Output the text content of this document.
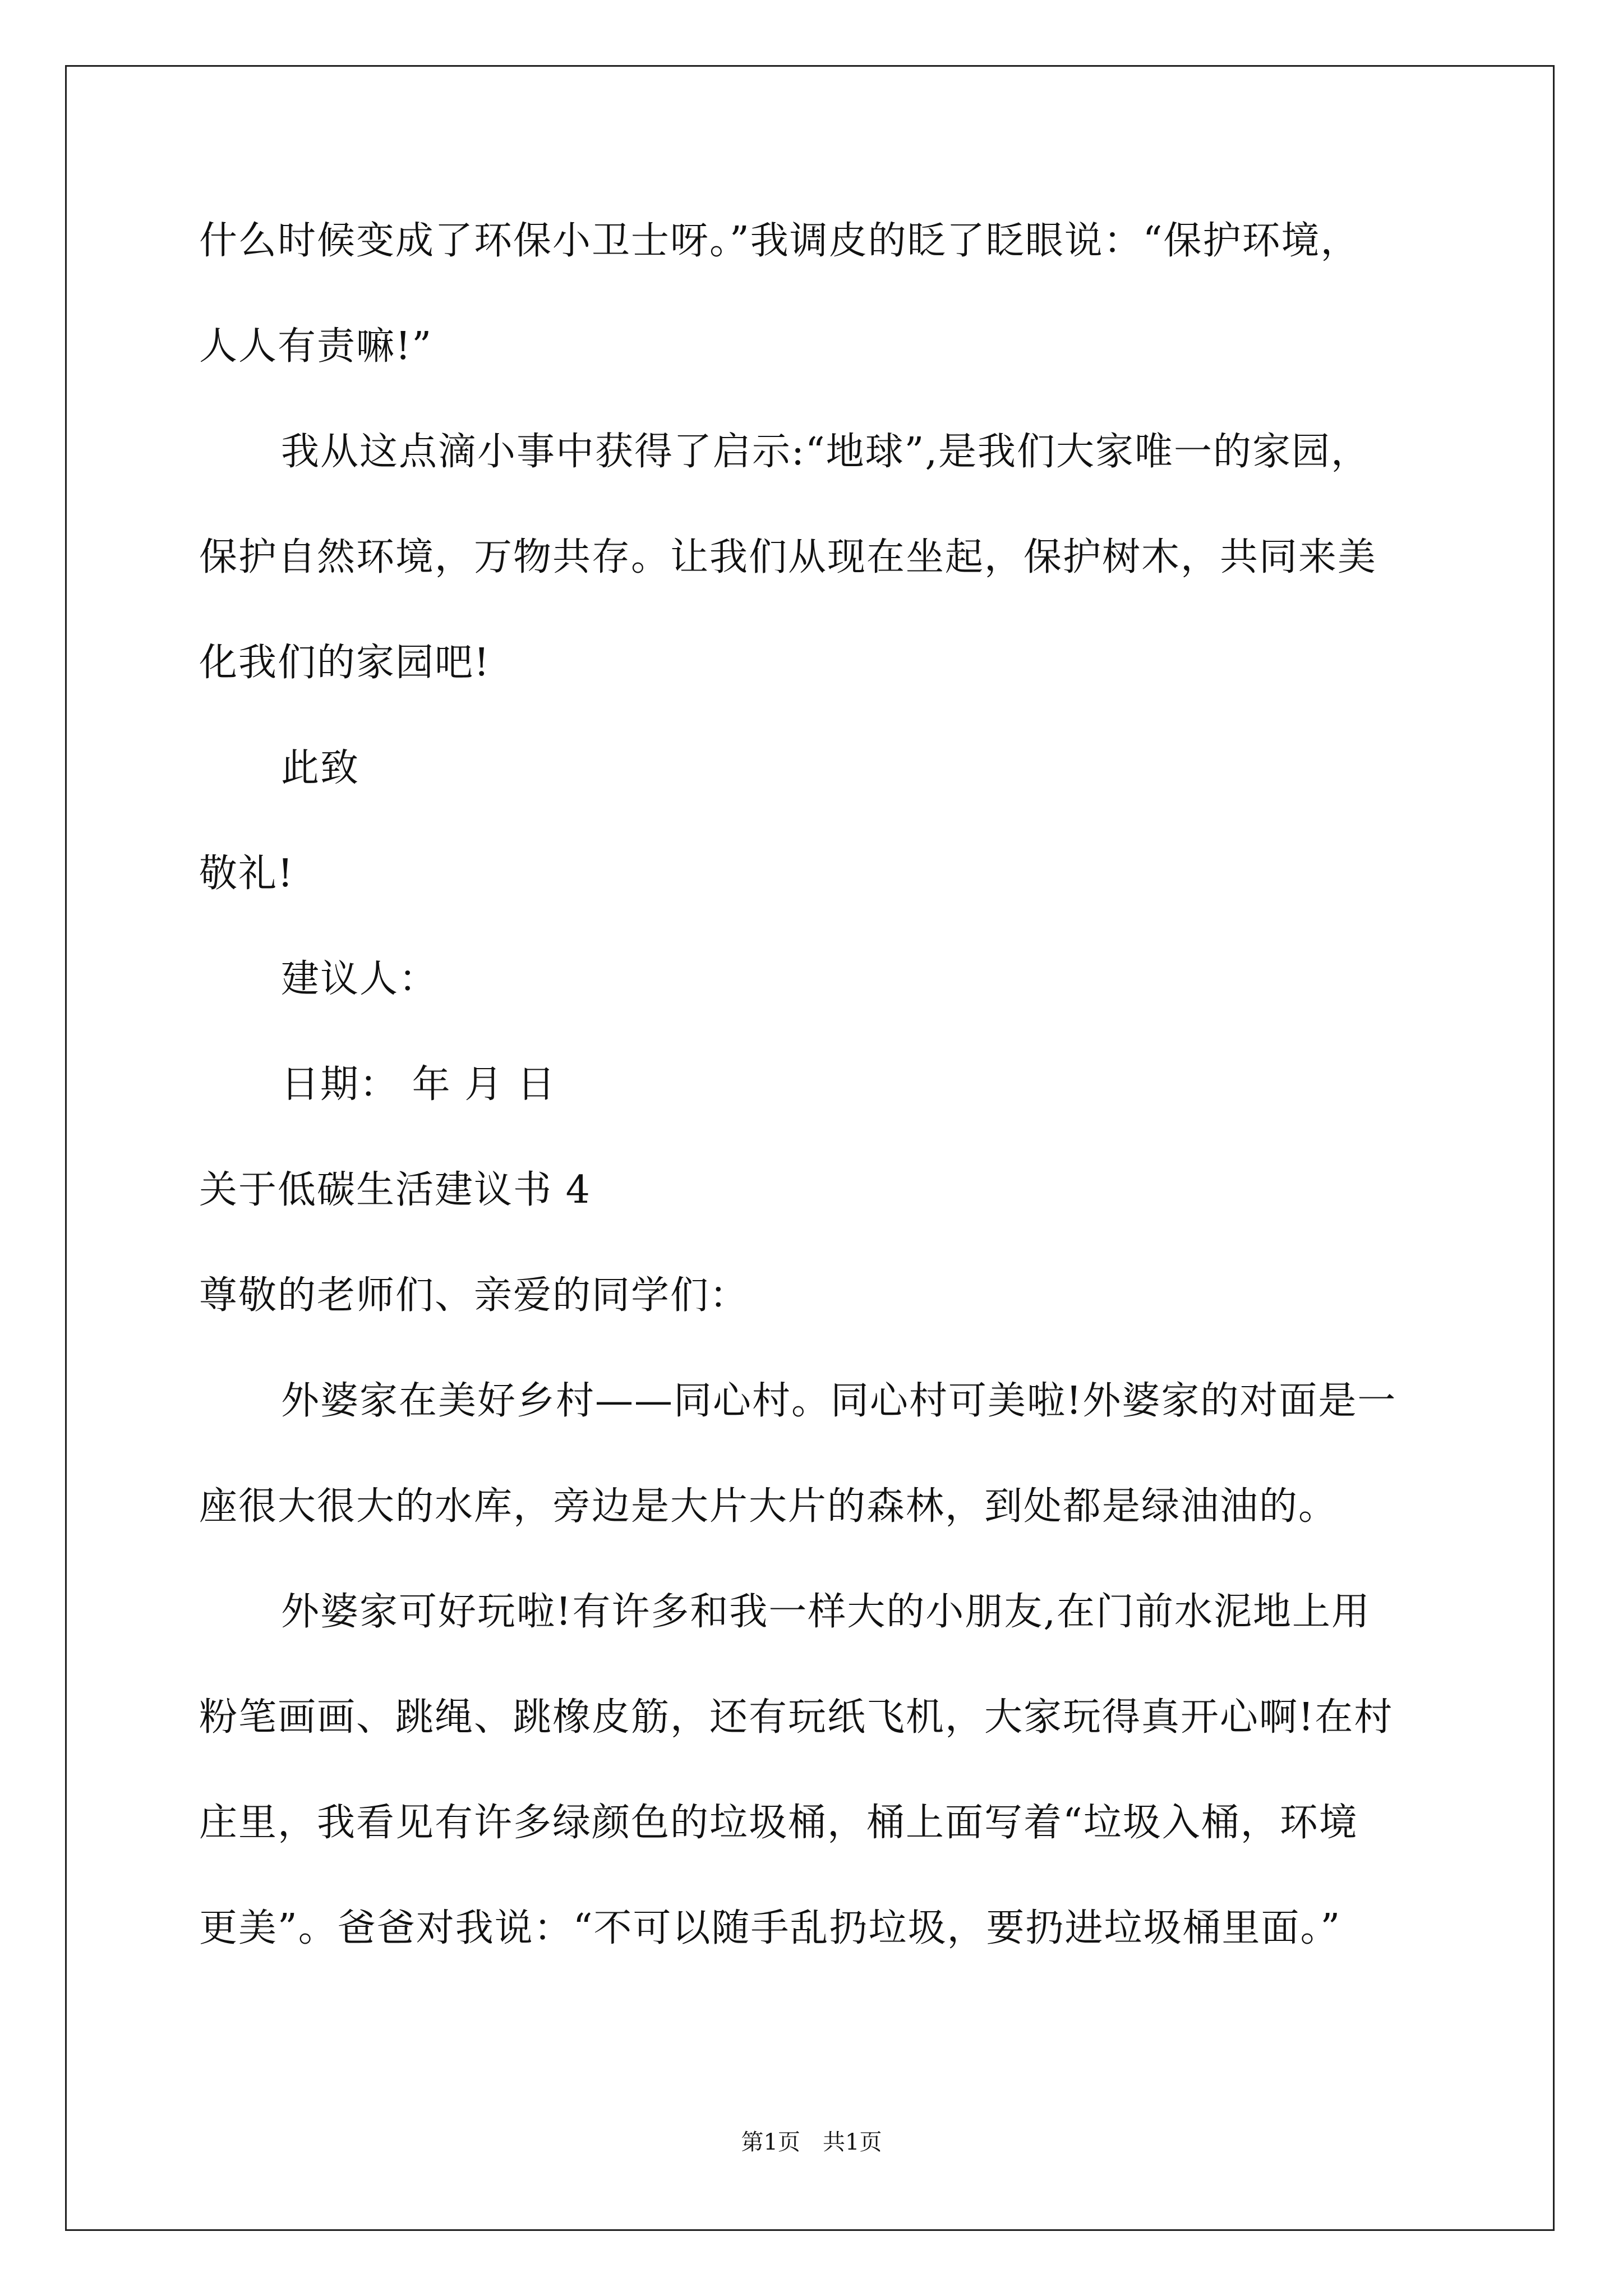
什么时候变成了环保小卫士呀。”我调皮的眨了眨眼说：“保护环境，
人人有责嘛!”
我从这点滴小事中获得了启示:“地球”,是我们大家唯一的家园，
保护自然环境，万物共存。让我们从现在坐起，保护树木，共同来美
化我们的家园吧!
此致
敬礼!
建议人：
日期： 年 月 日
关于低碳生活建议书 4
尊敬的老师们、亲爱的同学们：
外婆家在美好乡村——同心村。同心村可美啦!外婆家的对面是一
座很大很大的水库，旁边是大片大片的森林，到处都是绿油油的。
外婆家可好玩啦!有许多和我一样大的小朋友,在门前水泥地上用
粉笔画画、跳绳、跳橡皮筋，还有玩纸飞机，大家玩得真开心啊!在村
庄里，我看见有许多绿颜色的垃圾桶，桶上面写着“垃圾入桶，环境
更美”。爸爸对我说：“不可以随手乱扔垃圾，要扔进垃圾桶里面。”
第1页 共1页
